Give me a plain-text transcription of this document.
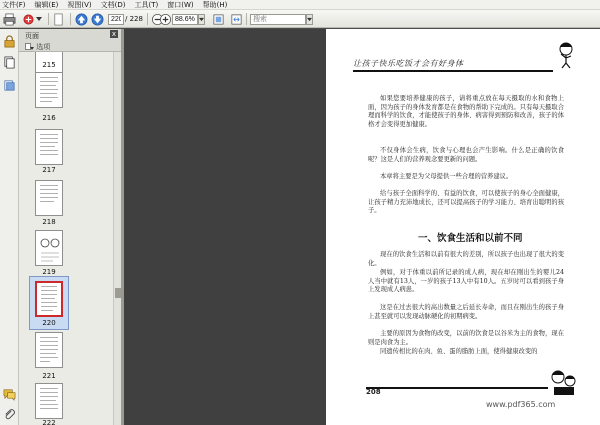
文件(F) 编辑(E) 视图(V) 文档(D) 工具(T) 窗口(W) 帮助(H)
220
/ 228
88.6%
搜索
页面	x
选项
215
216
217
218
219
220
221
222
让孩子快乐吃饭才会有好身体

如果您要培养健康的孩子，请将重点放在每天摄取的水和食物上面，因为孩子的身体发育都是在食物的帮助下完成的。只有每天摄取合理而科学的饮食，才能使孩子的身体、病害得到预防和改善，孩子的体格才会变得更加健康。

不仅身体会生病，饮食与心理也会产生影响。什么是正确的饮食呢？这是人们的营养观念要更新的问题。

本章将主要是为父母提供一些合理的营养建议。

给与孩子全面科学的、有益的饮食，可以使孩子的身心全面健康，让孩子精力充沛地成长，还可以提高孩子的学习能力、培育出聪明的孩子。

一、饮食生活和以前不同

现在的饮食生活和以前有很大的差别，所以孩子也出现了很大的变化。

例如，对于体重以前所记录的成人病，现在却在刚出生的婴儿24人当中就有13人，一岁的孩子13人中有10人。五岁时可以看到孩子身上发现成人病患。

这是在过去很大的高出数量之后延长寿命，而且在刚出生的孩子身上甚至就可以发现动脉硬化的初期病变。

主要的原因为食物的改变，以前的饮食是以谷米为主的食物，现在则是肉食为主。

同遗传相比的在肉、鱼、蛋的脂肪上面，使得健康改变的

208
www.pdf365.com
